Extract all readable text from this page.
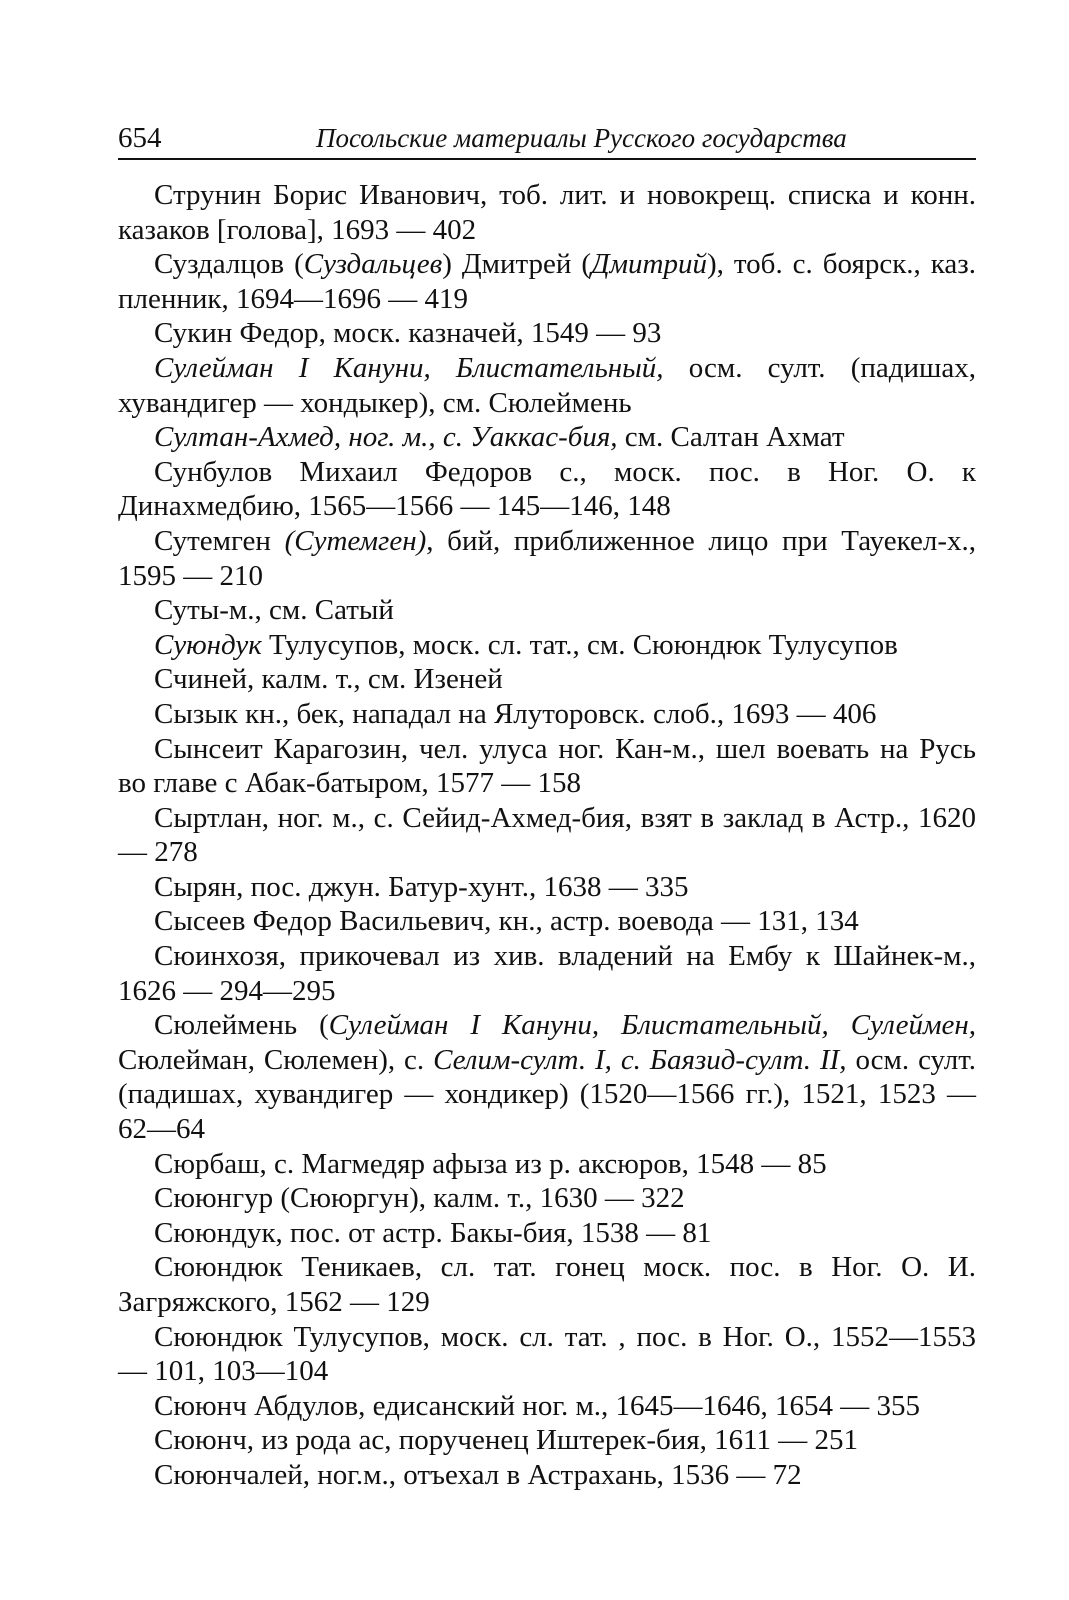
654	Посольские материалы Русского государства

Струнин Борис Иванович, тоб. лит. и новокрещ. списка и конн. казаков [голова], 1693 — 402

Суздалцов (Суздальцев) Дмитрей (Дмитрий), тоб. с. боярск., каз. пленник, 1694—1696 — 419

Сукин Федор, моск. казначей, 1549 — 93

Сулейман I Кануни, Блистательный, осм. султ. (падишах, хувандигер — хондыкер), см. Сюлеймень

Султан-Ахмед, ног. м., с. Уаккас-бия, см. Салтан Ахмат

Сунбулов Михаил Федоров с., моск. пос. в Ног. О. к Динахмедбию, 1565—1566 — 145—146, 148

Сутемген (Сутемген), бий, приближенное лицо при Тауекел-х., 1595 — 210

Суты-м., см. Сатый

Суюндук Тулусупов, моск. сл. тат., см. Сююндюк Тулусупов

Счиней, калм. т., см. Изеней

Сызык кн., бек, нападал на Ялуторовск. слоб., 1693 — 406

Сынсеит Карагозин, чел. улуса ног. Кан-м., шел воевать на Русь во главе с Абак-батыром, 1577 — 158

Сыртлан, ног. м., с. Сейид-Ахмед-бия, взят в заклад в Астр., 1620 — 278

Сырян, пос. джун. Батур-хунт., 1638 — 335

Сысеев Федор Васильевич, кн., астр. воевода — 131, 134

Сюинхозя, прикочевал из хив. владений на Ембу к Шайнек-м., 1626 — 294—295

Сюлеймень (Сулейман I Кануни, Блистательный, Сулеймен, Сюлейман, Сюлемен), с. Селим-султ. I, с. Баязид-султ. II, осм. султ. (падишах, хувандигер — хондикер) (1520—1566 гг.), 1521, 1523 — 62—64

Сюрбаш, с. Магмедяр афыза из р. аксюров, 1548 — 85

Сююнгур (Сююргун), калм. т., 1630 — 322

Сююндук, пос. от астр. Бакы-бия, 1538 — 81

Сююндюк Теникаев, сл. тат. гонец моск. пос. в Ног. О. И. Загряжского, 1562 — 129

Сююндюк Тулусупов, моск. сл. тат. , пос. в Ног. О., 1552—1553 — 101, 103—104

Сююнч Абдулов, едисанский ног. м., 1645—1646, 1654 — 355

Сююнч, из рода ас, порученец Иштерек-бия, 1611 — 251

Сююнчалей, ног.м., отъехал в Астрахань, 1536 — 72
